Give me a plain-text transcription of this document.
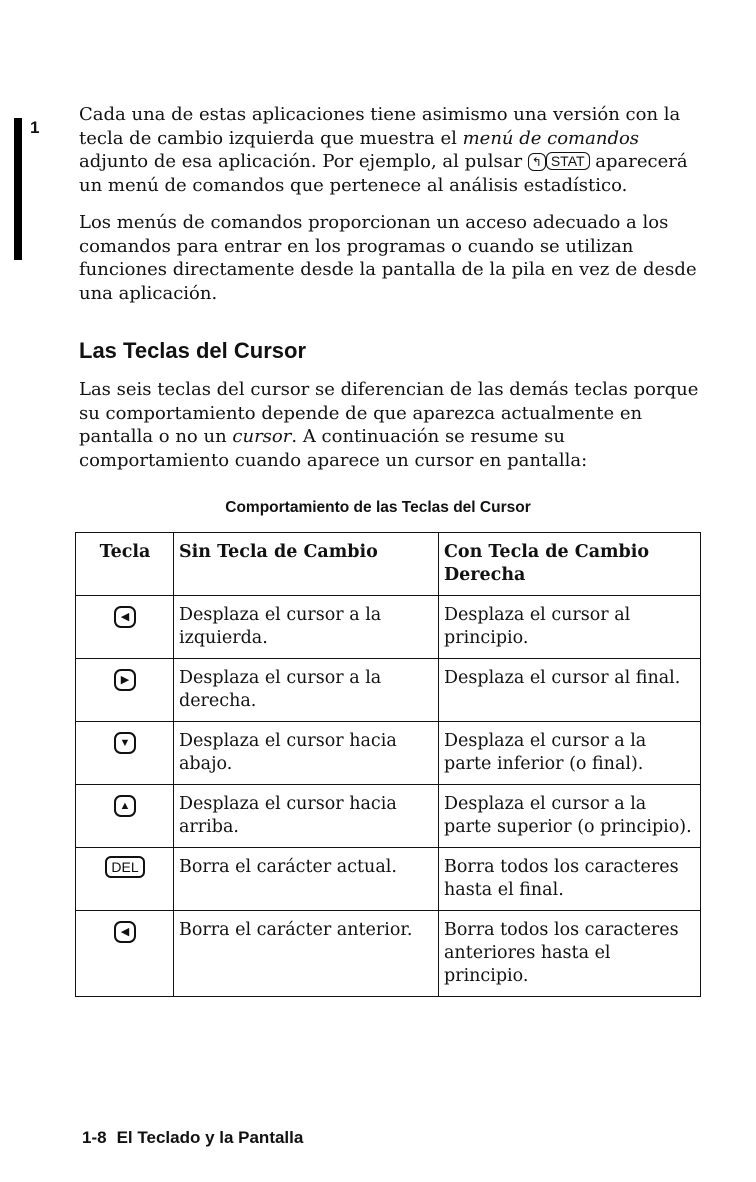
1

Cada una de estas aplicaciones tiene asimismo una versión con la tecla de cambio izquierda que muestra el menú de comandos adjunto de esa aplicación. Por ejemplo, al pulsar ↰ STAT aparecerá un menú de comandos que pertenece al análisis estadístico.

Los menús de comandos proporcionan un acceso adecuado a los comandos para entrar en los programas o cuando se utilizan funciones directamente desde la pantalla de la pila en vez de desde una aplicación.

Las Teclas del Cursor

Las seis teclas del cursor se diferencian de las demás teclas porque su comportamiento depende de que aparezca actualmente en pantalla o no un cursor. A continuación se resume su comportamiento cuando aparece un cursor en pantalla:

Comportamiento de las Teclas del Cursor

Tecla	Sin Tecla de Cambio	Con Tecla de Cambio Derecha
◀	Desplaza el cursor a la izquierda.	Desplaza el cursor al principio.
▶	Desplaza el cursor a la derecha.	Desplaza el cursor al final.
▼	Desplaza el cursor hacia abajo.	Desplaza el cursor a la parte inferior (o final).
▲	Desplaza el cursor hacia arriba.	Desplaza el cursor a la parte superior (o principio).
DEL	Borra el carácter actual.	Borra todos los caracteres hasta el final.
◀	Borra el carácter anterior.	Borra todos los caracteres anteriores hasta el principio.

1-8 El Teclado y la Pantalla
